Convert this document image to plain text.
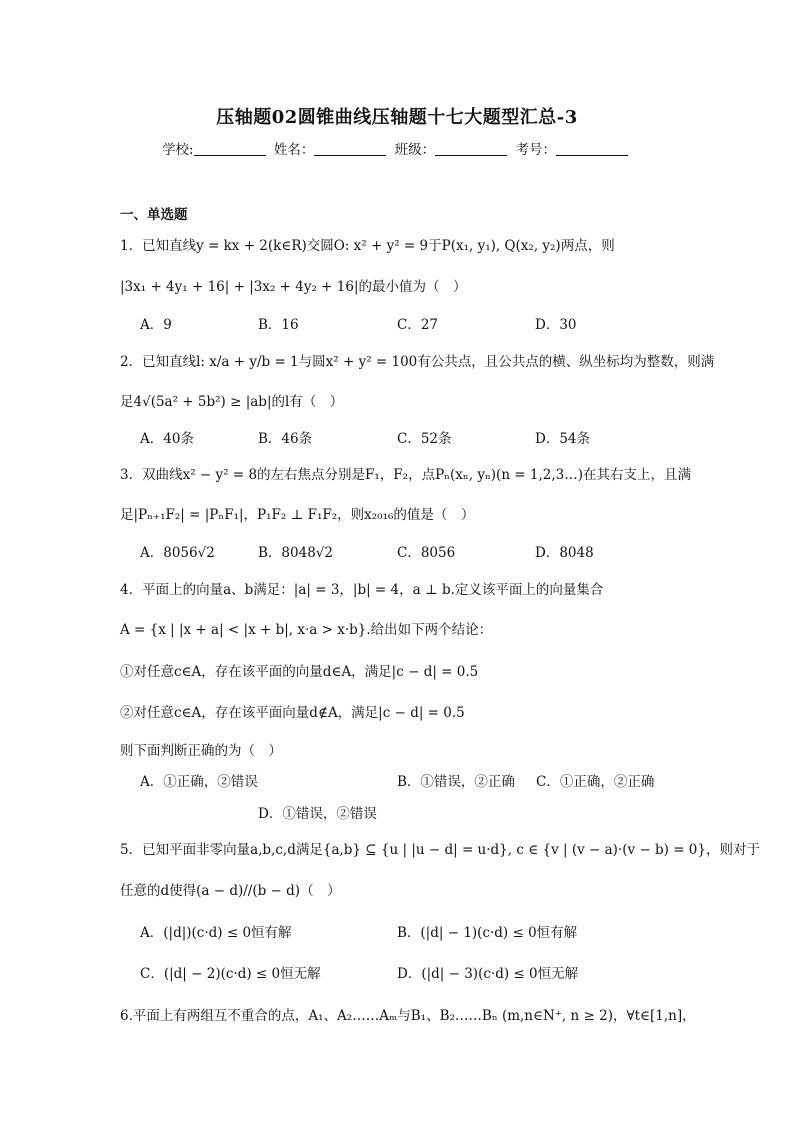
压轴题02圆锥曲线压轴题十七大题型汇总-3
学校:	姓名：	班级：	考号：
一、单选题
1．已知直线y = kx + 2(k∈R)交圆O: x² + y² = 9于P(x₁, y₁), Q(x₂, y₂)两点，则
|3x₁ + 4y₁ + 16| + |3x₂ + 4y₂ + 16|的最小值为（　）
A．9	B．16	C．27	D．30
2．已知直线l: x/a + y/b = 1与圆x² + y² = 100有公共点，且公共点的横、纵坐标均为整数，则满
足4√(5a² + 5b²) ≥ |ab|的l有（　）
A．40条	B．46条	C．52条	D．54条
3．双曲线x² − y² = 8的左右焦点分别是F₁，F₂，点Pₙ(xₙ, yₙ)(n = 1,2,3…)在其右支上，且满
足|Pₙ₊₁F₂| = |PₙF₁|，P₁F₂ ⊥ F₁F₂，则x₂₀₁₆的值是（　）
A．8056√2	B．8048√2	C．8056	D．8048
4．平面上的向量a、b满足：|a| = 3，|b| = 4，a ⊥ b.定义该平面上的向量集合
A = {x | |x + a| < |x + b|, x·a > x·b}.给出如下两个结论：
①对任意c∈A，存在该平面的向量d∈A，满足|c − d| = 0.5
②对任意c∈A，存在该平面向量d∉A，满足|c − d| = 0.5
则下面判断正确的为（　）
A．①正确，②错误	B．①错误，②正确 C．①正确，②正确
D．①错误，②错误
5．已知平面非零向量a,b,c,d满足{a,b} ⊆ {u | |u − d| = u·d}, c ∈ {v | (v − a)·(v − b) = 0}，则对于
任意的d使得(a − d)//(b − d)（　）
A．(|d|)(c·d) ≤ 0恒有解	B．(|d| − 1)(c·d) ≤ 0恒有解
C．(|d| − 2)(c·d) ≤ 0恒无解	D．(|d| − 3)(c·d) ≤ 0恒无解
6.平面上有两组互不重合的点，A₁、A₂……Aₘ与B₁、B₂……Bₙ (m,n∈N⁺, n ≥ 2)，∀t∈[1,n]，
